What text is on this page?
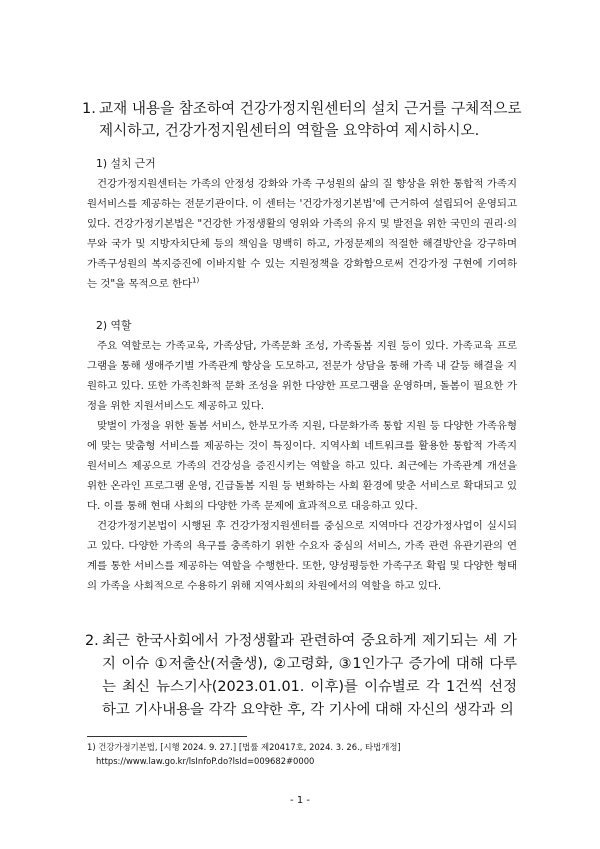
1. 교재 내용을 참조하여 건강가정지원센터의 설치 근거를 구체적으로 제시하고, 건강가정지원센터의 역할을 요약하여 제시하시오.

1) 설치 근거

건강가정지원센터는 가족의 안정성 강화와 가족 구성원의 삶의 질 향상을 위한 통합적 가족지원서비스를 제공하는 전문기관이다. 이 센터는 '건강가정기본법'에 근거하여 설립되어 운영되고 있다. 건강가정기본법은 "건강한 가정생활의 영위와 가족의 유지 및 발전을 위한 국민의 권리·의무와 국가 및 지방자치단체 등의 책임을 명백히 하고, 가정문제의 적절한 해결방안을 강구하며 가족구성원의 복지증진에 이바지할 수 있는 지원정책을 강화함으로써 건강가정 구현에 기여하는 것"을 목적으로 한다$^{1)}$

2) 역할

주요 역할로는 가족교육, 가족상담, 가족문화 조성, 가족돌봄 지원 등이 있다. 가족교육 프로그램을 통해 생애주기별 가족관계 향상을 도모하고, 전문가 상담을 통해 가족 내 갈등 해결을 지원하고 있다. 또한 가족친화적 문화 조성을 위한 다양한 프로그램을 운영하며, 돌봄이 필요한 가정을 위한 지원서비스도 제공하고 있다.

맞벌이 가정을 위한 돌봄 서비스, 한부모가족 지원, 다문화가족 통합 지원 등 다양한 가족유형에 맞는 맞춤형 서비스를 제공하는 것이 특징이다. 지역사회 네트워크를 활용한 통합적 가족지원서비스 제공으로 가족의 건강성을 증진시키는 역할을 하고 있다. 최근에는 가족관계 개선을 위한 온라인 프로그램 운영, 긴급돌봄 지원 등 변화하는 사회 환경에 맞춘 서비스로 확대되고 있다. 이를 통해 현대 사회의 다양한 가족 문제에 효과적으로 대응하고 있다.

건강가정기본법이 시행된 후 건강가정지원센터를 중심으로 지역마다 건강가정사업이 실시되고 있다. 다양한 가족의 욕구를 충족하기 위한 수요자 중심의 서비스, 가족 관련 유관기관의 연계를 통한 서비스를 제공하는 역할을 수행한다. 또한, 양성평등한 가족구조 확립 및 다양한 형태의 가족을 사회적으로 수용하기 위해 지역사회의 차원에서의 역할을 하고 있다.

2. 최근 한국사회에서 가정생활과 관련하여 중요하게 제기되는 세 가지 이슈 ①저출산(저출생), ②고령화, ③1인가구 증가에 대해 다루는 최신 뉴스기사(2023.01.01. 이후)를 이슈별로 각 1건씩 선정하고 기사내용을 각각 요약한 후, 각 기사에 대해 자신의 생각과 의

1) 건강가정기본법, [시행 2024. 9. 27.] [법률 제20417호, 2024. 3. 26., 타법개정]
https://www.law.go.kr/lsInfoP.do?lsId=009682#0000

- 1 -
